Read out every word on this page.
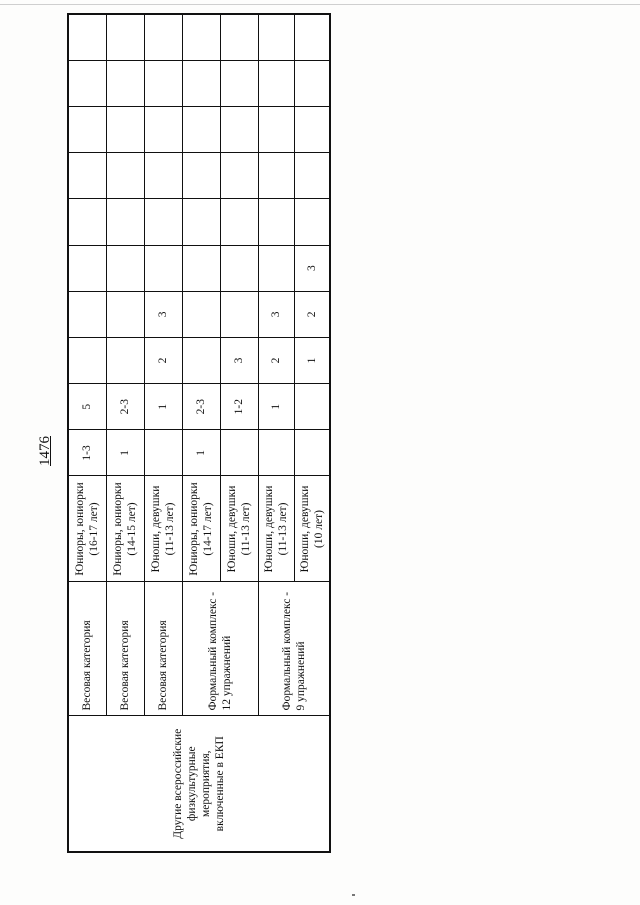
1476
Другие всероссийские физкультурные мероприятия, включенные в ЕКП	Весовая категория	Юниоры, юниорки (16-17 лет)	1-3	5								
	Весовая категория	Юниоры, юниорки (14-15 лет)	1	2-3								
	Весовая категория	Юноши, девушки (11-13 лет)		1	2	3						
	Формальный комплекс - 12 упражнений	Юниоры, юниорки (14-17 лет)	1	2-3								

		Юноши, девушки (11-13 лет)		1-2	3							
	Формальный комплекс - 9 упражнений	Юноши, девушки (11-13 лет)		1	2	3						

		Юноши, девушки (10 лет)			1	2	3					
